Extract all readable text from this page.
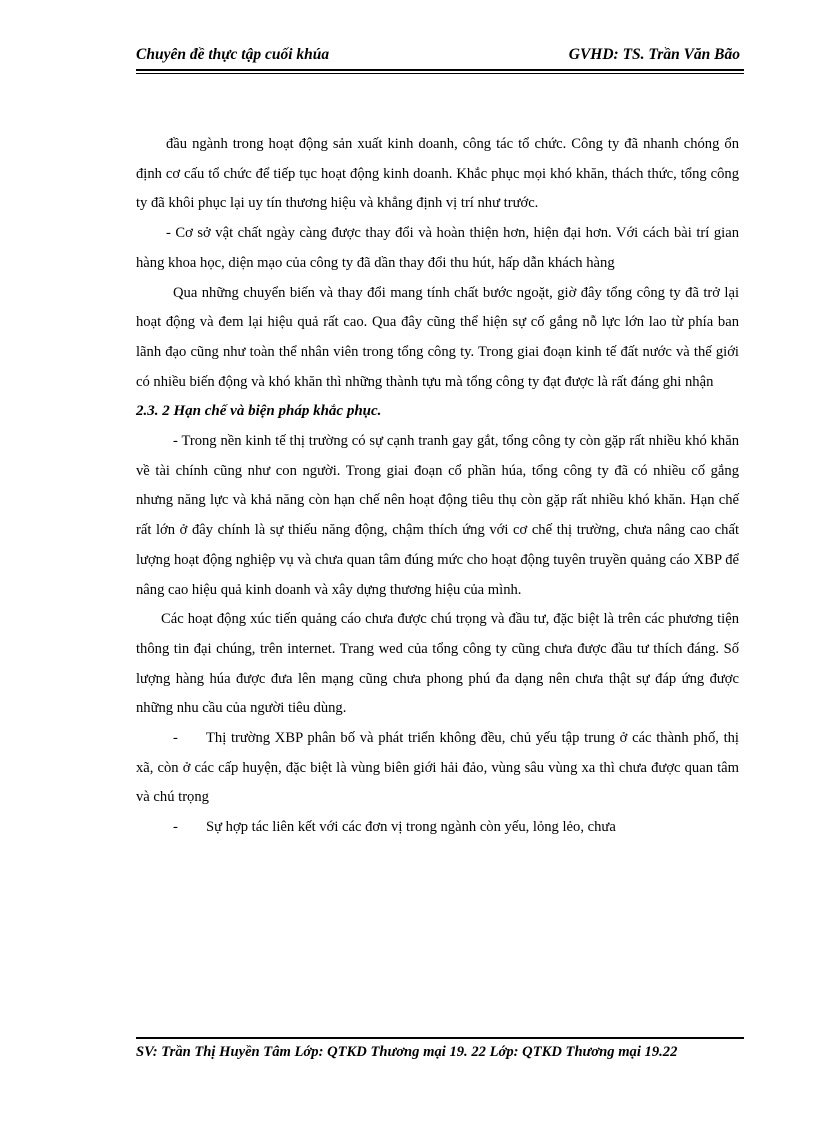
Chuyên đề thực tập cuối khúa	GVHD: TS. Trần Văn Bão

đầu ngành trong hoạt động sản xuất kinh doanh, công tác tổ chức. Công ty đã nhanh chóng ổn định cơ cấu tổ chức để tiếp tục hoạt động kinh doanh. Khắc phục mọi khó khăn, thách thức, tổng công ty đã khôi phục lại uy tín thương hiệu và khẳng định vị trí như trước.

- Cơ sở vật chất ngày càng được thay đổi và hoàn thiện hơn, hiện đại hơn. Với cách bài trí gian hàng khoa học, diện mạo của công ty đã dần thay đổi thu hút, hấp dẫn khách hàng

Qua những chuyển biến và thay đổi mang tính chất bước ngoặt, giờ đây tổng công ty đã trở lại hoạt động và đem lại hiệu quả rất cao. Qua đây cũng thể hiện sự cố gắng nỗ lực lớn lao từ phía ban lãnh đạo cũng như toàn thể nhân viên trong tổng công ty. Trong giai đoạn kinh tế đất nước và thế giới có nhiều biến động và khó khăn thì những thành tựu mà tổng công ty đạt được là rất đáng ghi nhận

2.3. 2 Hạn chế và biện pháp khắc phục.

- Trong nền kinh tế thị trường có sự cạnh tranh gay gắt, tổng công ty còn gặp rất nhiều khó khăn về tài chính cũng như con người. Trong giai đoạn cổ phần húa, tổng công ty đã có nhiều cố gắng nhưng năng lực và khả năng còn hạn chế nên hoạt động tiêu thụ còn gặp rất nhiều khó khăn. Hạn chế rất lớn ở đây chính là sự thiếu năng động, chậm thích ứng với cơ chế thị trường, chưa nâng cao chất lượng hoạt động nghiệp vụ và chưa quan tâm đúng mức cho hoạt động tuyên truyền quảng cáo XBP để nâng cao hiệu quả kinh doanh và xây dựng thương hiệu của mình.

Các hoạt động xúc tiến quảng cáo chưa được chú trọng và đầu tư, đặc biệt là trên các phương tiện thông tin đại chúng, trên internet. Trang wed của tổng công ty cũng chưa được đầu tư thích đáng. Số lượng hàng húa được đưa lên mạng cũng chưa phong phú đa dạng nên chưa thật sự đáp ứng được những nhu cầu của người tiêu dùng.

- Thị trường XBP phân bố và phát triển không đều, chủ yếu tập trung ở các thành phố, thị xã, còn ở các cấp huyện, đặc biệt là vùng biên giới hải đảo, vùng sâu vùng xa thì chưa được quan tâm và chú trọng

- Sự hợp tác liên kết với các đơn vị trong ngành còn yếu, lỏng lẻo, chưa

SV: Trần Thị Huyền Tâm Lớp: QTKD Thương mại 19. 22 Lớp: QTKD Thương mại 19.22
